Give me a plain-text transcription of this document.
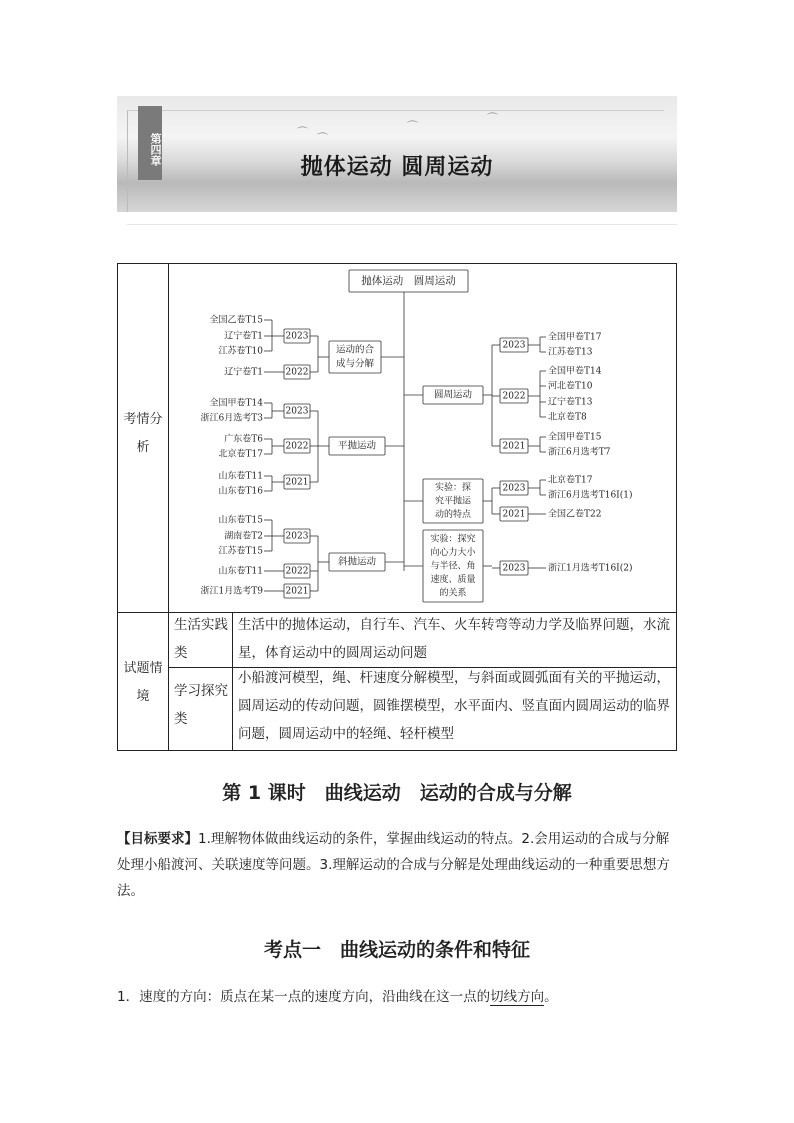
⌒ ⌒
⌒
⌒
第四章
抛体运动 圆周运动
考情分析
试题情境
生活实践类
生活中的抛体运动，自行车、汽车、火车转弯等动力学及临界问题，水流星，体育运动中的圆周运动问题
学习探究类
小船渡河模型，绳、杆速度分解模型，与斜面或圆弧面有关的平抛运动，圆周运动的传动问题，圆锥摆模型，水平面内、竖直面内圆周运动的临界问题，圆周运动中的轻绳、轻杆模型
抛体运动　圆周运动
运动的合
成与分解
2023
全国乙卷T15
辽宁卷T1
江苏卷T10
2022
辽宁卷T1
平抛运动
2023
全国甲卷T14
浙江6月选考T3
2022
广东卷T6
北京卷T17
2021
山东卷T11
山东卷T16
斜抛运动
2023
山东卷T15
湖南卷T2
江苏卷T15
2022
山东卷T11
2021
浙江1月选考T9
圆周运动
2023
全国甲卷T17
江苏卷T13
2022
全国甲卷T14
河北卷T10
辽宁卷T13
北京卷T8
2021
全国甲卷T15
浙江6月选考T7
实验：探
究平抛运
动的特点
2023
北京卷T17
浙江6月选考T16Ⅰ(1)
2021	全国乙卷T22
实验：探究
向心力大小
与半径、角
速度、质量
的关系
2023	浙江1月选考T16Ⅰ(2)
第 1 课时　曲线运动　运动的合成与分解
【目标要求】1.理解物体做曲线运动的条件，掌握曲线运动的特点。2.会用运动的合成与分解处理小船渡河、关联速度等问题。3.理解运动的合成与分解是处理曲线运动的一种重要思想方法。
考点一　曲线运动的条件和特征
1．速度的方向：质点在某一点的速度方向，沿曲线在这一点的切线方向。
